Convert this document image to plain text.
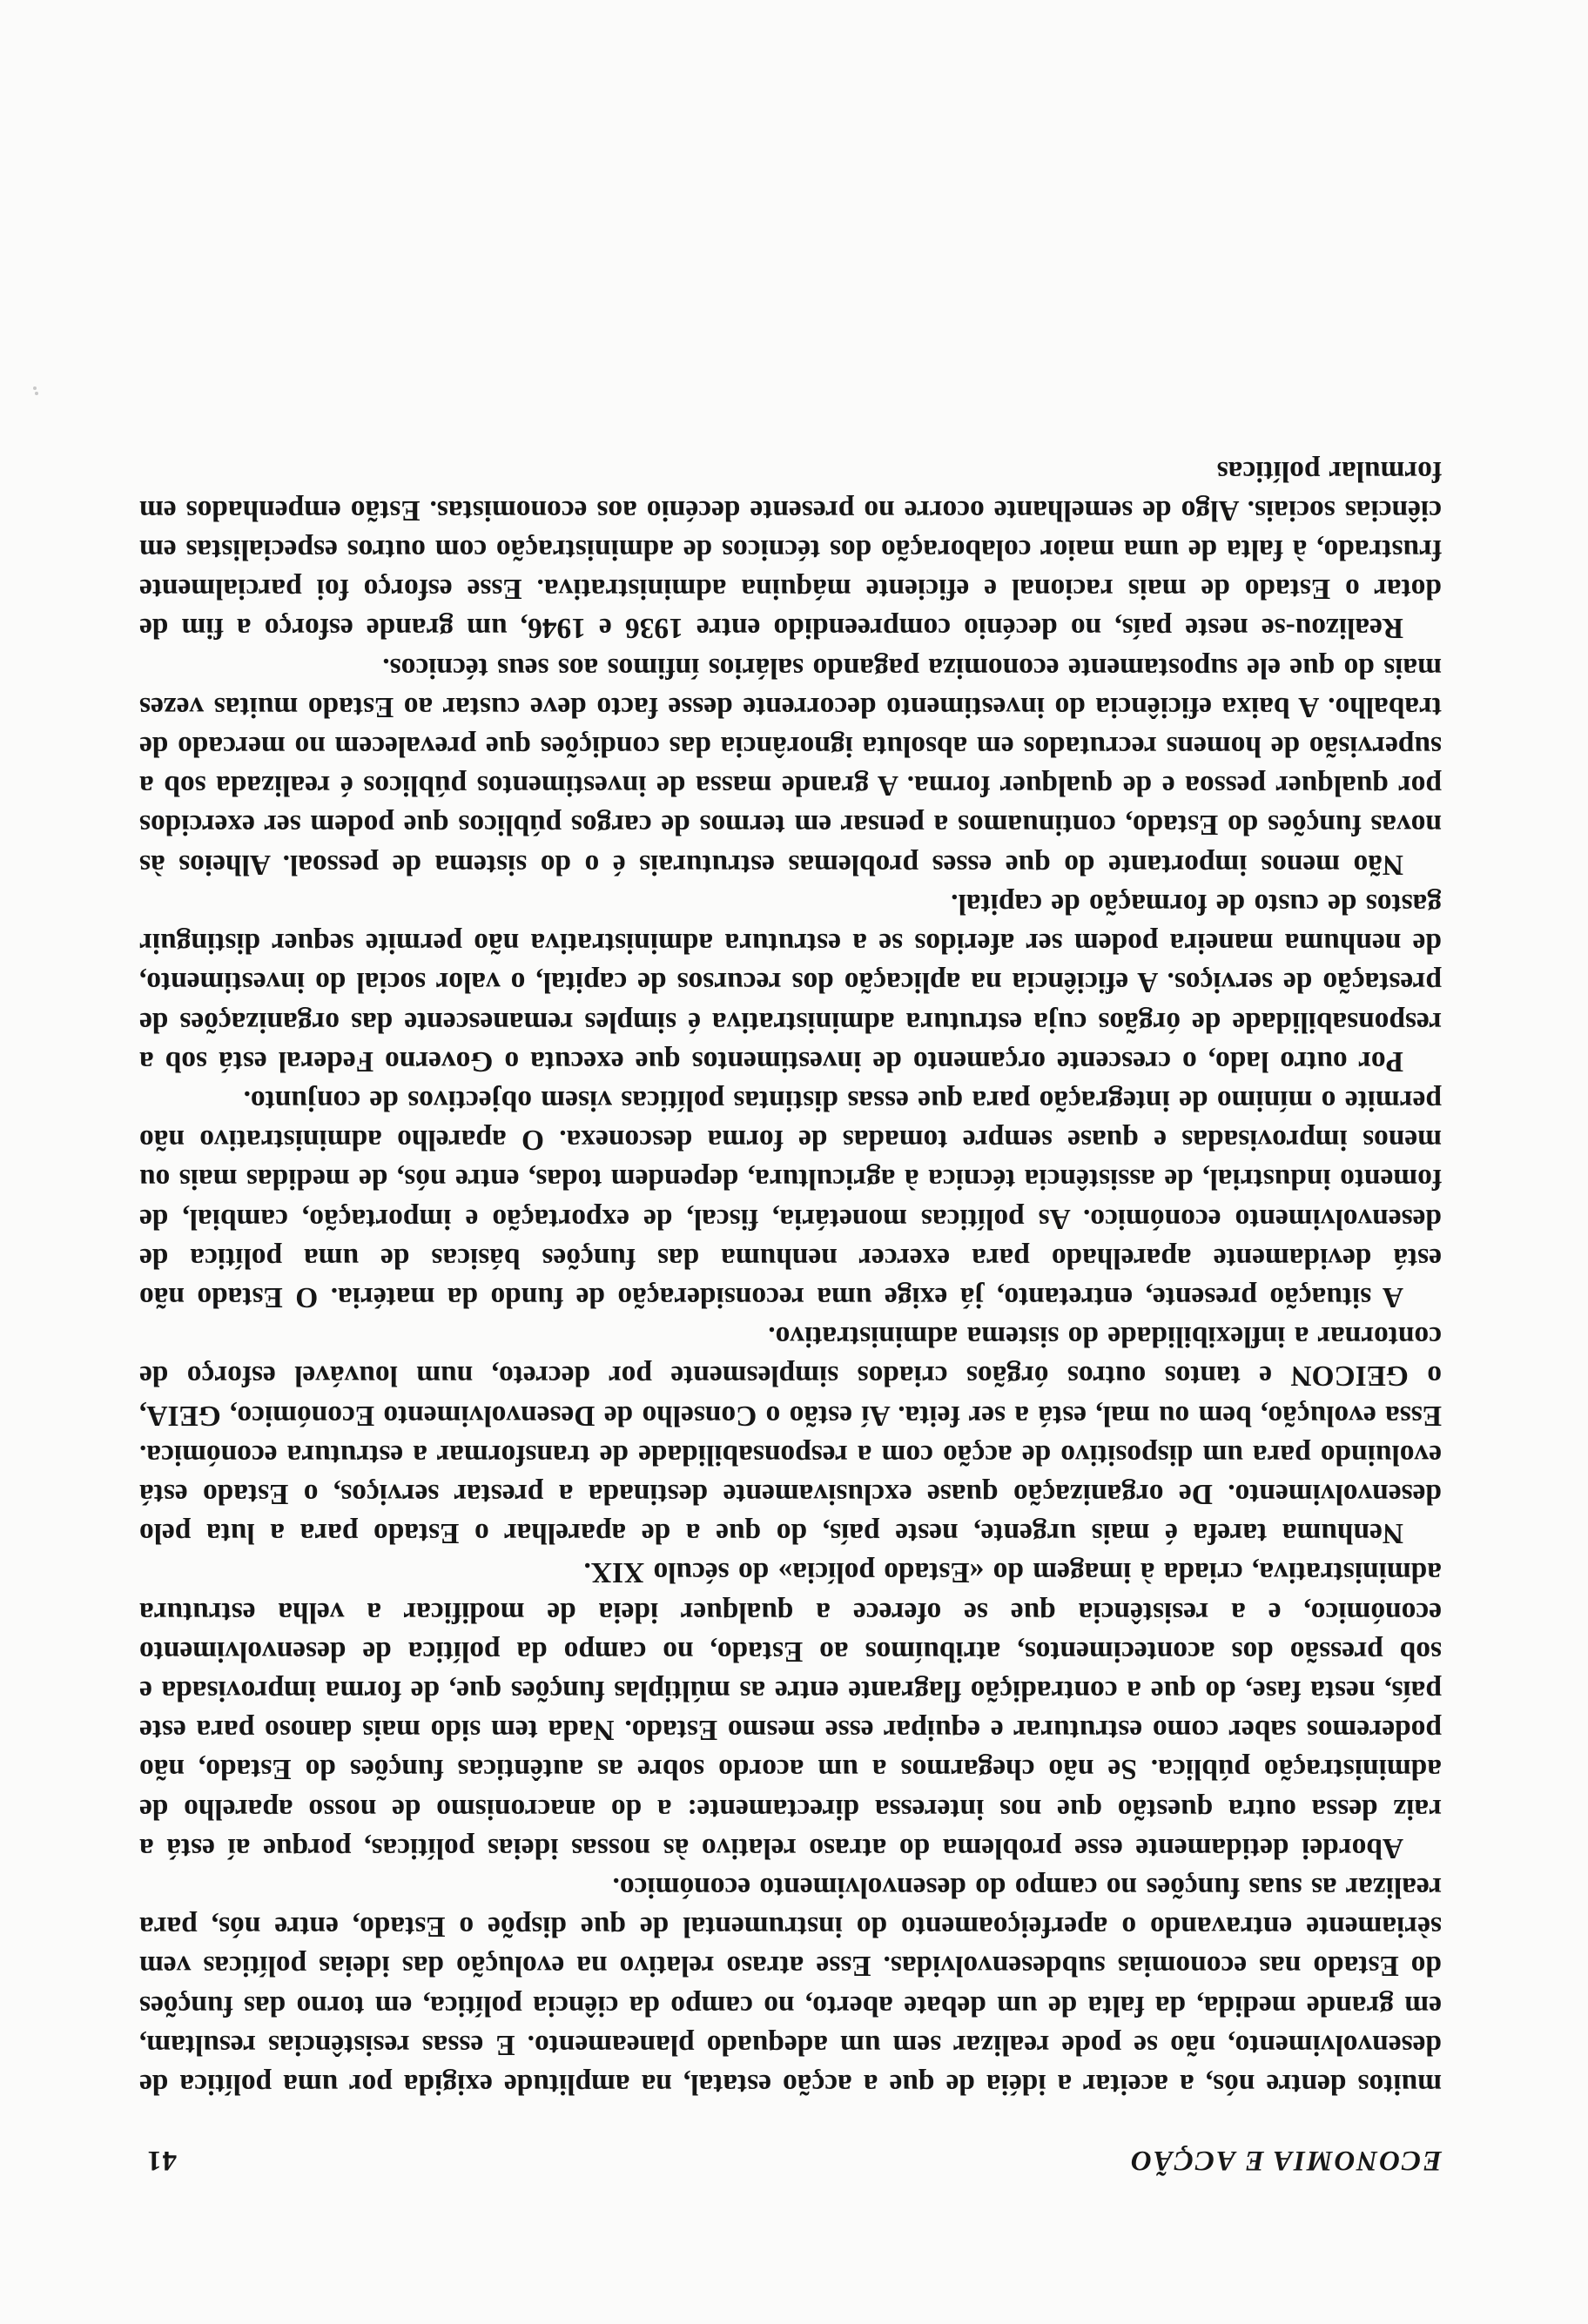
ECONOMIA E ACÇÃO
41

muitos dentre nós, a aceitar a idéia de que a acção estatal, na amplitude exigida por uma política de desenvolvimento, não se pode realizar sem um adequado planeamento. E essas resistências resultam, em grande medida, da falta de um debate aberto, no campo da ciência política, em torno das funções do Estado nas economias subdesenvolvidas. Esse atraso relativo na evolução das ideias políticas vem sèriamente entravando o aperfeiçoamento do instrumental de que dispõe o Estado, entre nós, para realizar as suas funções no campo do desenvolvimento económico.

Abordei detidamente esse problema do atraso relativo às nossas ideias políticas, porque aí está a raiz dessa outra questão que nos interessa directamente: a do anacronismo de nosso aparelho de administração pública. Se não chegarmos a um acordo sobre as autênticas funções do Estado, não poderemos saber como estruturar e equipar esse mesmo Estado. Nada tem sido mais danoso para este país, nesta fase, do que a contradição flagrante entre as múltiplas funções que, de forma improvisada e sob pressão dos acontecimentos, atribuímos ao Estado, no campo da política de desenvolvimento económico, e a resistência que se oferece a qualquer ideia de modificar a velha estrutura administrativa, criada à imagem do «Estado polícia» do século XIX.

Nenhuma tarefa é mais urgente, neste país, do que a de aparelhar o Estado para a luta pelo desenvolvimento. De organização quase exclusivamente destinada a prestar serviços, o Estado está evoluindo para um dispositivo de acção com a responsabilidade de transformar a estrutura económica. Essa evolução, bem ou mal, está a ser feita. Aí estão o Conselho de Desenvolvimento Económico, GEIA, o GEICON e tantos outros órgãos criados simplesmente por decreto, num louvável esforço de contornar a inflexibilidade do sistema administrativo.

A situação presente, entretanto, já exige uma reconsideração de fundo da matéria. O Estado não está devidamente aparelhado para exercer nenhuma das funções básicas de uma política de desenvolvimento económico. As políticas monetária, fiscal, de exportação e importação, cambial, de fomento industrial, de assistência técnica à agricultura, dependem todas, entre nós, de medidas mais ou menos improvisadas e quase sempre tomadas de forma desconexa. O aparelho administrativo não permite o mínimo de integração para que essas distintas políticas visem objectivos de conjunto.

Por outro lado, o crescente orçamento de investimentos que executa o Governo Federal está sob a responsabilidade de órgãos cuja estrutura administrativa é simples remanescente das organizações de prestação de serviços. A eficiência na aplicação dos recursos de capital, o valor social do investimento, de nenhuma maneira podem ser aferidos se a estrutura administrativa não permite sequer distinguir gastos de custo de formação de capital.

Não menos importante do que esses problemas estruturais é o do sistema de pessoal. Alheios às novas funções do Estado, continuamos a pensar em termos de cargos públicos que podem ser exercidos por qualquer pessoa e de qualquer forma. A grande massa de investimentos públicos é realizada sob a supervisão de homens recrutados em absoluta ignorância das condições que prevalecem no mercado de trabalho. A baixa eficiência do investimento decorrente desse facto deve custar ao Estado muitas vezes mais do que ele supostamente economiza pagando salários ínfimos aos seus técnicos.

Realizou-se neste país, no decénio compreendido entre 1936 e 1946, um grande esforço a fim de dotar o Estado de mais racional e eficiente máquina administrativa. Esse esforço foi parcialmente frustrado, à falta de uma maior colaboração dos técnicos de administração com outros especialistas em ciências sociais. Algo de semelhante ocorre no presente decénio aos economistas. Estão empenhados em formular políticas
